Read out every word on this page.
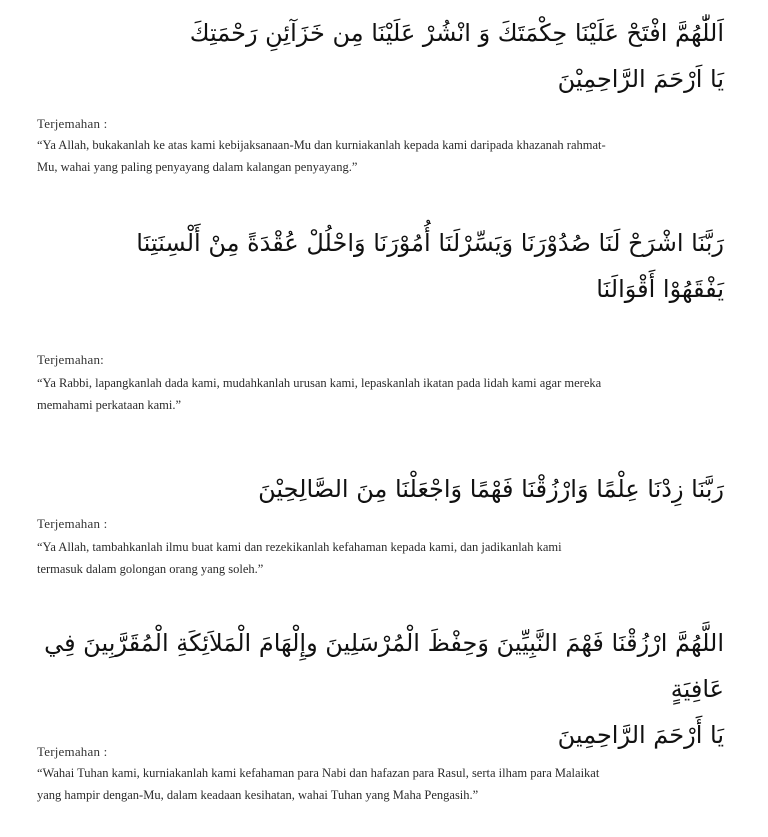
اَللّٰهُمَّ افْتَحْ عَلَيْنَا حِكْمَتَكَ وَ انْشُرْ عَلَيْنَا مِن خَزَآئِنِ رَحْمَتِكَ
يَا اَرْحَمَ الرَّاحِمِيْنَ
Terjemahan :
“Ya Allah, bukakanlah ke atas kami kebijaksanaan-Mu dan kurniakanlah kepada kami daripada khazanah rahmat-
Mu, wahai yang paling penyayang dalam kalangan penyayang.”
رَبَّنَا اشْرَحْ لَنَا صُدُوْرَنَا وَيَسِّرْلَنَا أُمُوْرَنَا وَاحْلُلْ عُقْدَةً مِنْ أَلْسِنَتِنَا
يَفْقَهُوْا أَقْوَالَنَا
Terjemahan:
“Ya Rabbi, lapangkanlah dada kami, mudahkanlah urusan kami, lepaskanlah ikatan pada lidah kami agar mereka
memahami perkataan kami.”
رَبَّنَا زِدْنَا عِلْمًا وَارْزُقْنَا فَهْمًا وَاجْعَلْنَا مِنَ الصَّالِحِيْنَ
Terjemahan :
“Ya Allah, tambahkanlah ilmu buat kami dan rezekikanlah kefahaman kepada kami, dan jadikanlah kami
termasuk dalam golongan orang yang soleh.”
اللَّهُمَّ ارْزُقْنَا فَهْمَ النَّبِيِّينَ وَحِفْظَ الْمُرْسَلِينَ وإِلْهَامَ الْمَلاَئِكَةِ الْمُقَرَّبِينَ فِي عَافِيَةٍ
يَا أَرْحَمَ الرَّاحِمِينَ
Terjemahan :
“Wahai Tuhan kami, kurniakanlah kami kefahaman para Nabi dan hafazan para Rasul, serta ilham para Malaikat
yang hampir dengan-Mu, dalam keadaan kesihatan, wahai Tuhan yang Maha Pengasih.”
